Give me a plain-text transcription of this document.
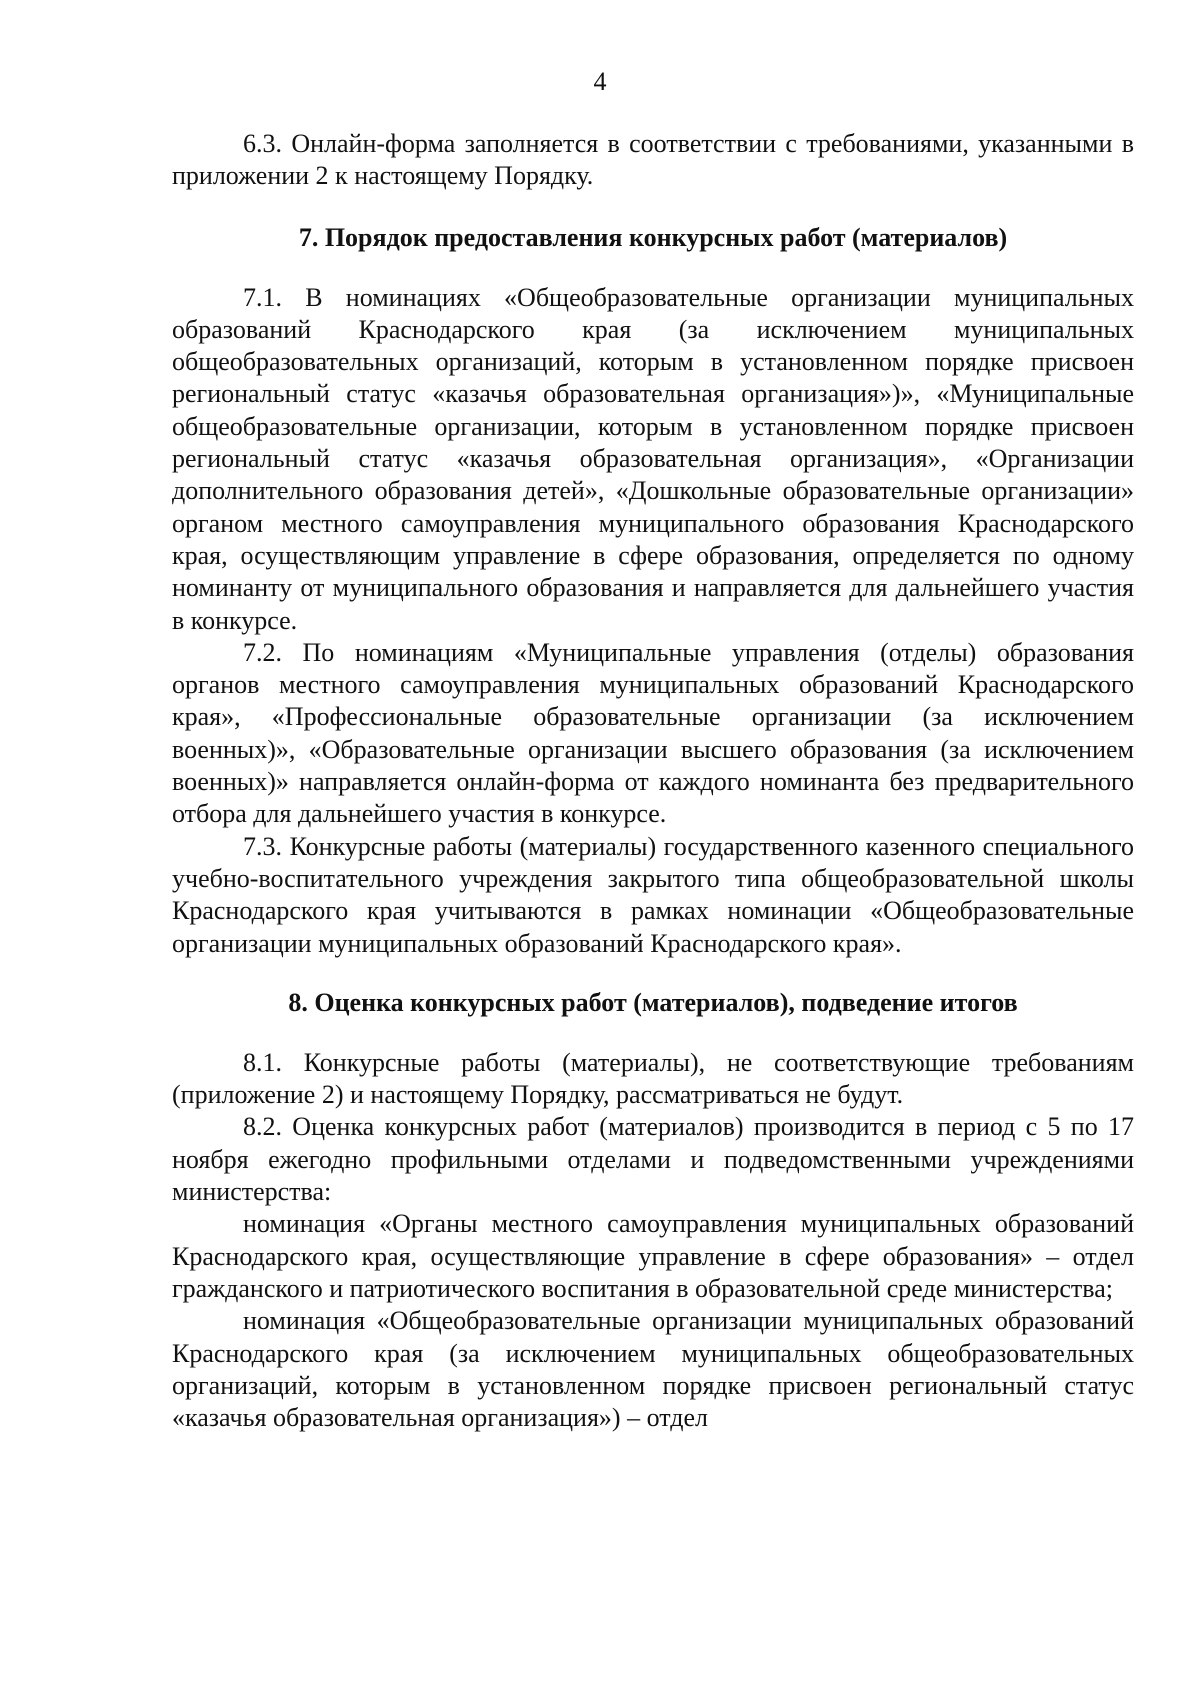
4

6.3. Онлайн-форма заполняется в соответствии с требованиями, указанными в приложении 2 к настоящему Порядку.

7. Порядок предоставления конкурсных работ (материалов)

7.1. В номинациях «Общеобразовательные организации муниципальных образований Краснодарского края (за исключением муниципальных общеобразовательных организаций, которым в установленном порядке присвоен региональный статус «казачья образовательная организация»)», «Муниципальные общеобразовательные организации, которым в установленном порядке присвоен региональный статус «казачья образовательная организация», «Организации дополнительного образования детей», «Дошкольные образовательные организации» органом местного самоуправления муниципального образования Краснодарского края, осуществляющим управление в сфере образования, определяется по одному номинанту от муниципального образования и направляется для дальнейшего участия в конкурсе.

7.2. По номинациям «Муниципальные управления (отделы) образования органов местного самоуправления муниципальных образований Краснодарского края», «Профессиональные образовательные организации (за исключением военных)», «Образовательные организации высшего образования (за исключением военных)» направляется онлайн-форма от каждого номинанта без предварительного отбора для дальнейшего участия в конкурсе.

7.3. Конкурсные работы (материалы) государственного казенного специального учебно-воспитательного учреждения закрытого типа общеобразовательной школы Краснодарского края учитываются в рамках номинации «Общеобразовательные организации муниципальных образований Краснодарского края».

8. Оценка конкурсных работ (материалов), подведение итогов

8.1. Конкурсные работы (материалы), не соответствующие требованиям (приложение 2) и настоящему Порядку, рассматриваться не будут.

8.2. Оценка конкурсных работ (материалов) производится в период с 5 по 17 ноября ежегодно профильными отделами и подведомственными учреждениями министерства:

номинация «Органы местного самоуправления муниципальных образований Краснодарского края, осуществляющие управление в сфере образования» – отдел гражданского и патриотического воспитания в образовательной среде министерства;

номинация «Общеобразовательные организации муниципальных образований Краснодарского края (за исключением муниципальных общеобразовательных организаций, которым в установленном порядке присвоен региональный статус «казачья образовательная организация») – отдел
